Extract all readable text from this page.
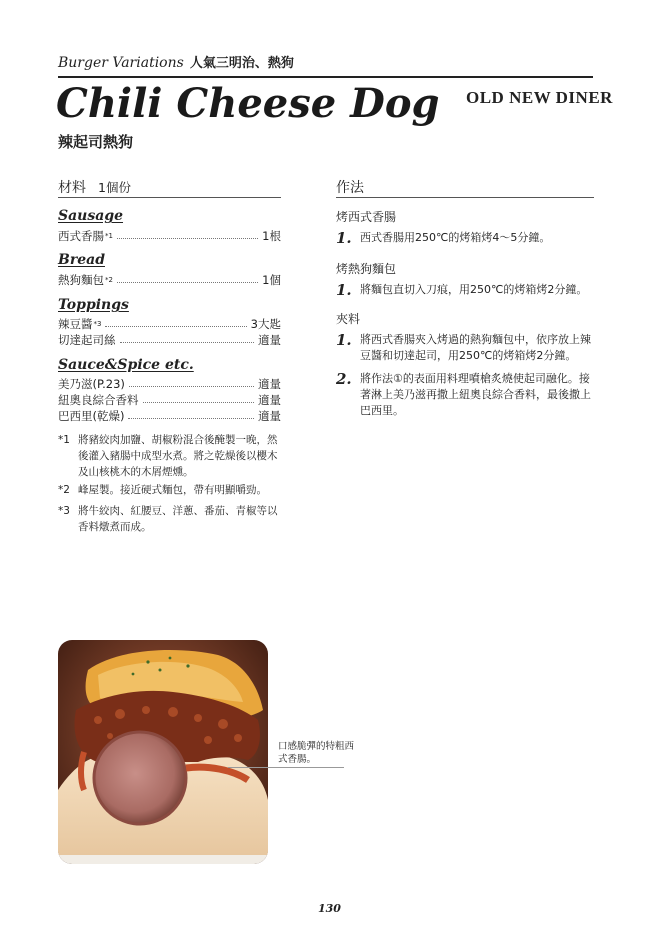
Burger Variations 人氣三明治、熱狗
Chili Cheese Dog OLD NEW DINER
辣起司熱狗
材料 1個份
Sausage
西式香腸 *1	1根
Bread
熱狗麵包 *2	1個
Toppings
辣豆醬 *3	3大匙
切達起司絲	適量
Sauce&Spice etc.
美乃滋(P.23)	適量
紐奧良綜合香料	適量
巴西里(乾燥)	適量
*1 將豬絞肉加鹽、胡椒粉混合後醃製一晚，然後灌入豬腸中成型水煮。將之乾燥後以櫻木及山核桃木的木屑煙燻。
*2 峰屋製。接近硬式麵包，帶有明顯嚼勁。
*3 將牛絞肉、紅腰豆、洋蔥、番茄、青椒等以香料燉煮而成。
作法
烤西式香腸
1. 西式香腸用250℃的烤箱烤4～5分鐘。
烤熱狗麵包
1. 將麵包直切入刀痕，用250℃的烤箱烤2分鐘。
夾料
1. 將西式香腸夾入烤過的熱狗麵包中，依序放上辣豆醬和切達起司，用250℃的烤箱烤2分鐘。
2. 將作法①的表面用料理噴槍炙燒使起司融化。接著淋上美乃滋再撒上紐奧良綜合香料，最後撒上巴西里。
口感脆彈的特粗西式香腸。
130
